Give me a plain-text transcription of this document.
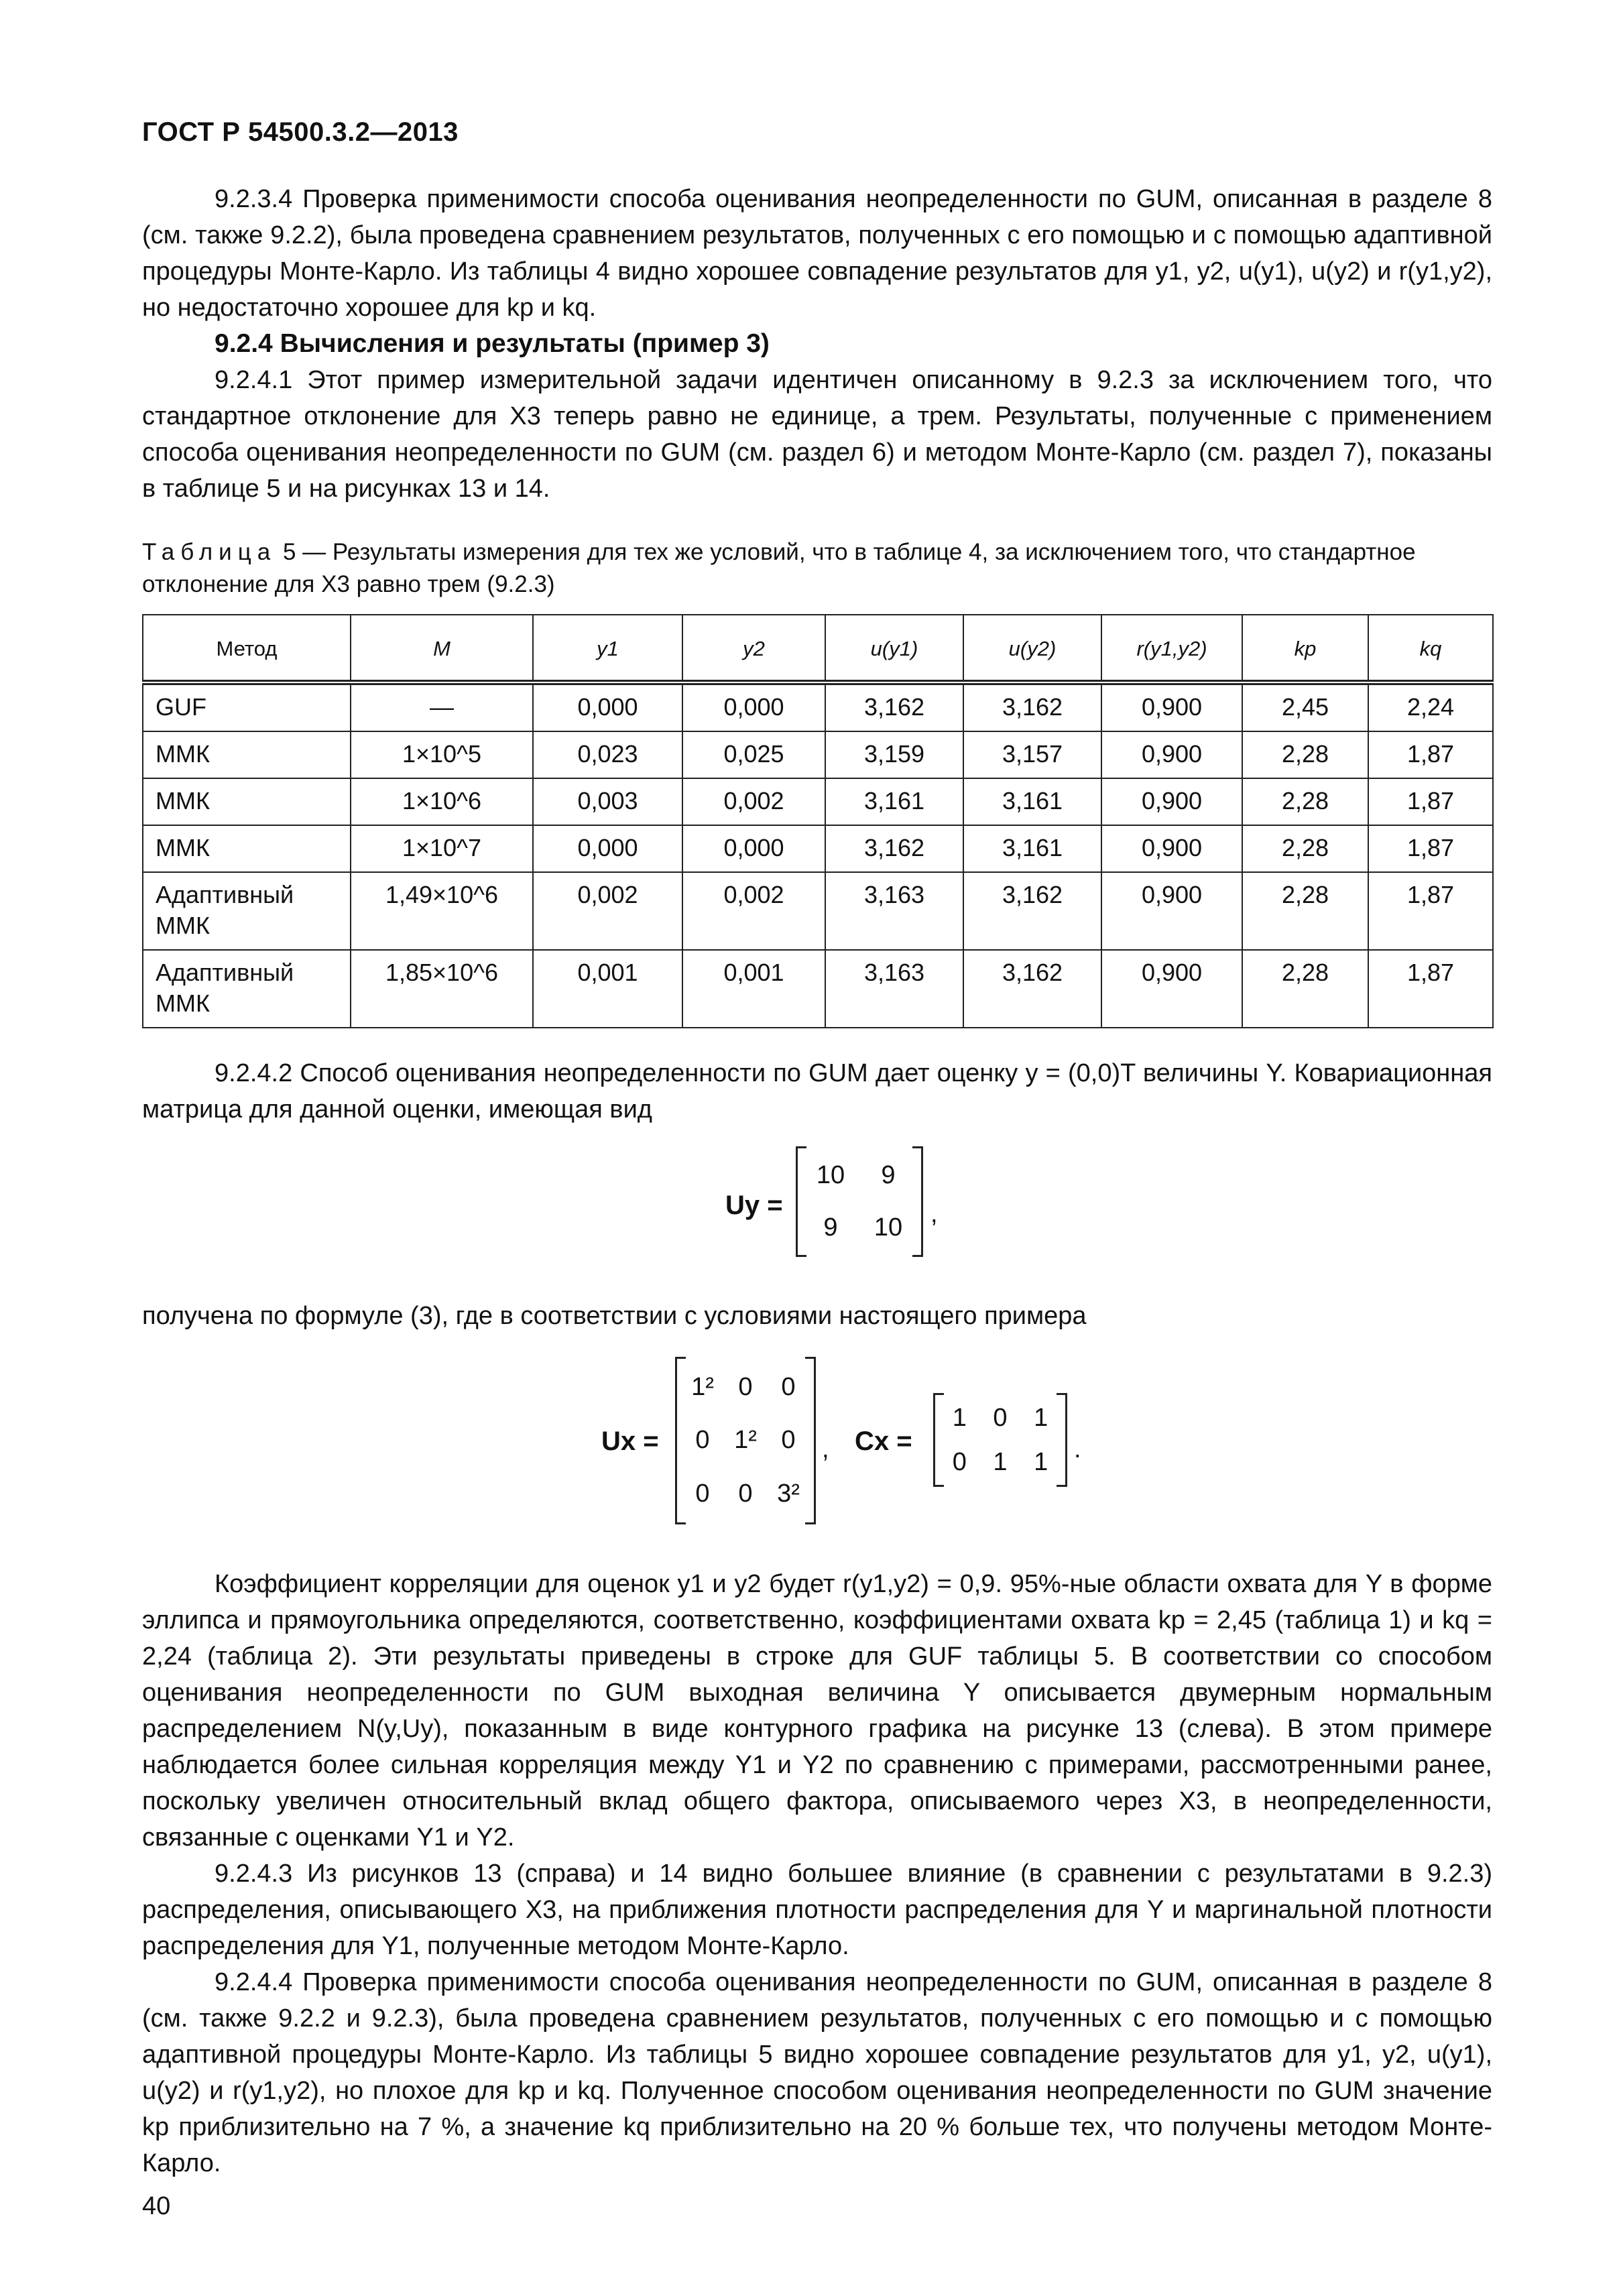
ГОСТ Р 54500.3.2—2013

9.2.3.4 Проверка применимости способа оценивания неопределенности по GUM, описанная в разделе 8 (см. также 9.2.2), была проведена сравнением результатов, полученных с его помощью и с помощью адаптивной процедуры Монте-Карло. Из таблицы 4 видно хорошее совпадение результатов для y1, y2, u(y1), u(y2) и r(y1,y2), но недостаточно хорошее для kp и kq.

9.2.4 Вычисления и результаты (пример 3)

9.2.4.1 Этот пример измерительной задачи идентичен описанному в 9.2.3 за исключением того, что стандартное отклонение для X3 теперь равно не единице, а трем. Результаты, полученные с применением способа оценивания неопределенности по GUM (см. раздел 6) и методом Монте-Карло (см. раздел 7), показаны в таблице 5 и на рисунках 13 и 14.

Таблица 5 — Результаты измерения для тех же условий, что в таблице 4, за исключением того, что стандартное отклонение для X3 равно трем (9.2.3)

Метод	M	y1	y2	u(y1)	u(y2)	r(y1,y2)	kp	kq
GUF	—	0,000	0,000	3,162	3,162	0,900	2,45	2,24
ММК	1×10^5	0,023	0,025	3,159	3,157	0,900	2,28	1,87
ММК	1×10^6	0,003	0,002	3,161	3,161	0,900	2,28	1,87
ММК	1×10^7	0,000	0,000	3,162	3,161	0,900	2,28	1,87
Адаптивный ММК	1,49×10^6	0,002	0,002	3,163	3,162	0,900	2,28	1,87
Адаптивный ММК	1,85×10^6	0,001	0,001	3,163	3,162	0,900	2,28	1,87

9.2.4.2 Способ оценивания неопределенности по GUM дает оценку y = (0,0)T величины Y. Ковариационная матрица для данной оценки, имеющая вид

Uy =
10	9
9	10	,

получена по формуле (3), где в соответствии с условиями настоящего примера

Ux =
1² 0	0
0 1² 0
0	0 3²
, Cx =
1	0	1
0	1	1	.

Коэффициент корреляции для оценок y1 и y2 будет r(y1,y2) = 0,9. 95%-ные области охвата для Y в форме эллипса и прямоугольника определяются, соответственно, коэффициентами охвата kp = 2,45 (таблица 1) и kq = 2,24 (таблица 2). Эти результаты приведены в строке для GUF таблицы 5. В соответствии со способом оценивания неопределенности по GUM выходная величина Y описывается двумерным нормальным распределением N(y,Uy), показанным в виде контурного графика на рисунке 13 (слева). В этом примере наблюдается более сильная корреляция между Y1 и Y2 по сравнению с примерами, рассмотренными ранее, поскольку увеличен относительный вклад общего фактора, описываемого через X3, в неопределенности, связанные с оценками Y1 и Y2.

9.2.4.3 Из рисунков 13 (справа) и 14 видно большее влияние (в сравнении с результатами в 9.2.3) распределения, описывающего X3, на приближения плотности распределения для Y и маргинальной плотности распределения для Y1, полученные методом Монте-Карло.

9.2.4.4 Проверка применимости способа оценивания неопределенности по GUM, описанная в разделе 8 (см. также 9.2.2 и 9.2.3), была проведена сравнением результатов, полученных с его помощью и с помощью адаптивной процедуры Монте-Карло. Из таблицы 5 видно хорошее совпадение результатов для y1, y2, u(y1), u(y2) и r(y1,y2), но плохое для kp и kq. Полученное способом оценивания неопределенности по GUM значение kp приблизительно на 7 %, а значение kq приблизительно на 20 % больше тех, что получены методом Монте-Карло.

40
